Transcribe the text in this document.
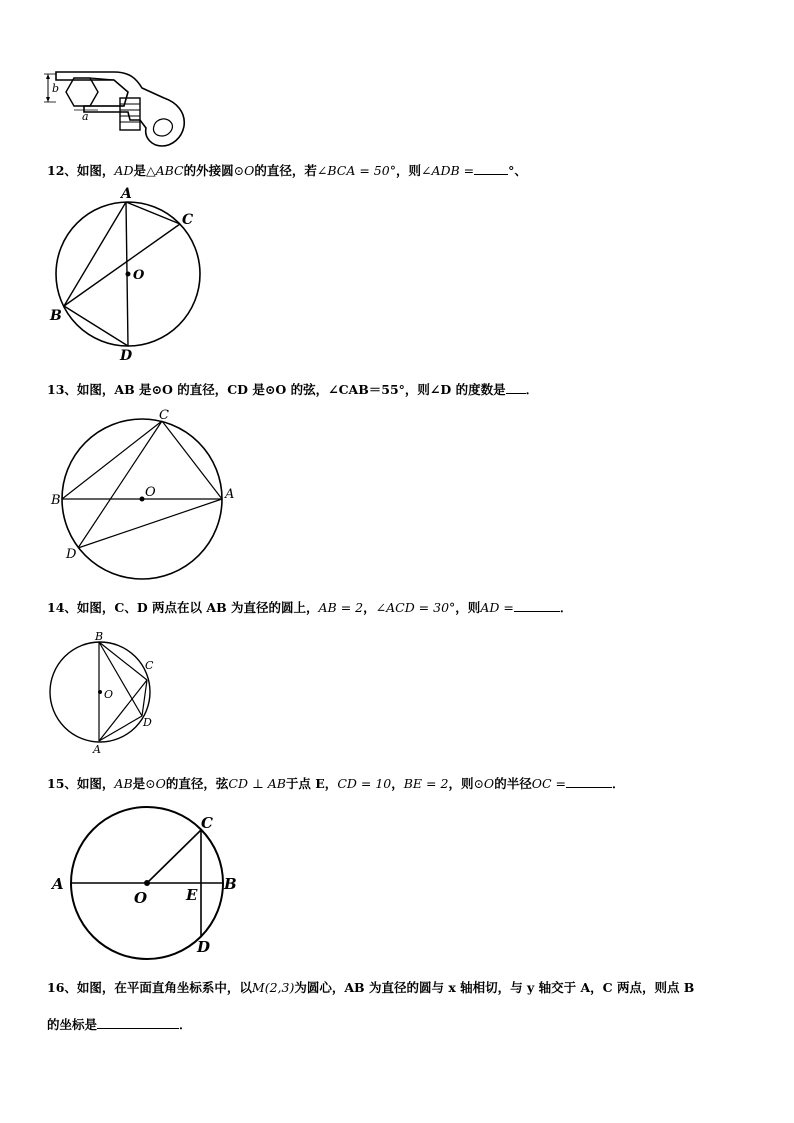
b
a
12、如图，AD是△ABC的外接圆⊙O的直径，若∠BCA = 50°，则∠ADB =	°、
A
C
O
B
D
13、如图，AB 是⊙O 的直径，CD 是⊙O 的弦，∠CAB＝55°，则∠D 的度数是 ．
C
O
B	A
D
14、如图，C、D 两点在以 AB 为直径的圆上，AB = 2，∠ACD = 30°，则AD =	．
B
C
O
D
A
15、如图，AB是⊙O的直径，弦CD ⊥ AB于点 E，CD = 10，BE = 2，则⊙O的半径OC =	．
C
A	B
O	E
D
16、如图，在平面直角坐标系中，以M(2,3)为圆心，AB 为直径的圆与 x 轴相切，与 y 轴交于 A，C 两点，则点 B
的坐标是	．
